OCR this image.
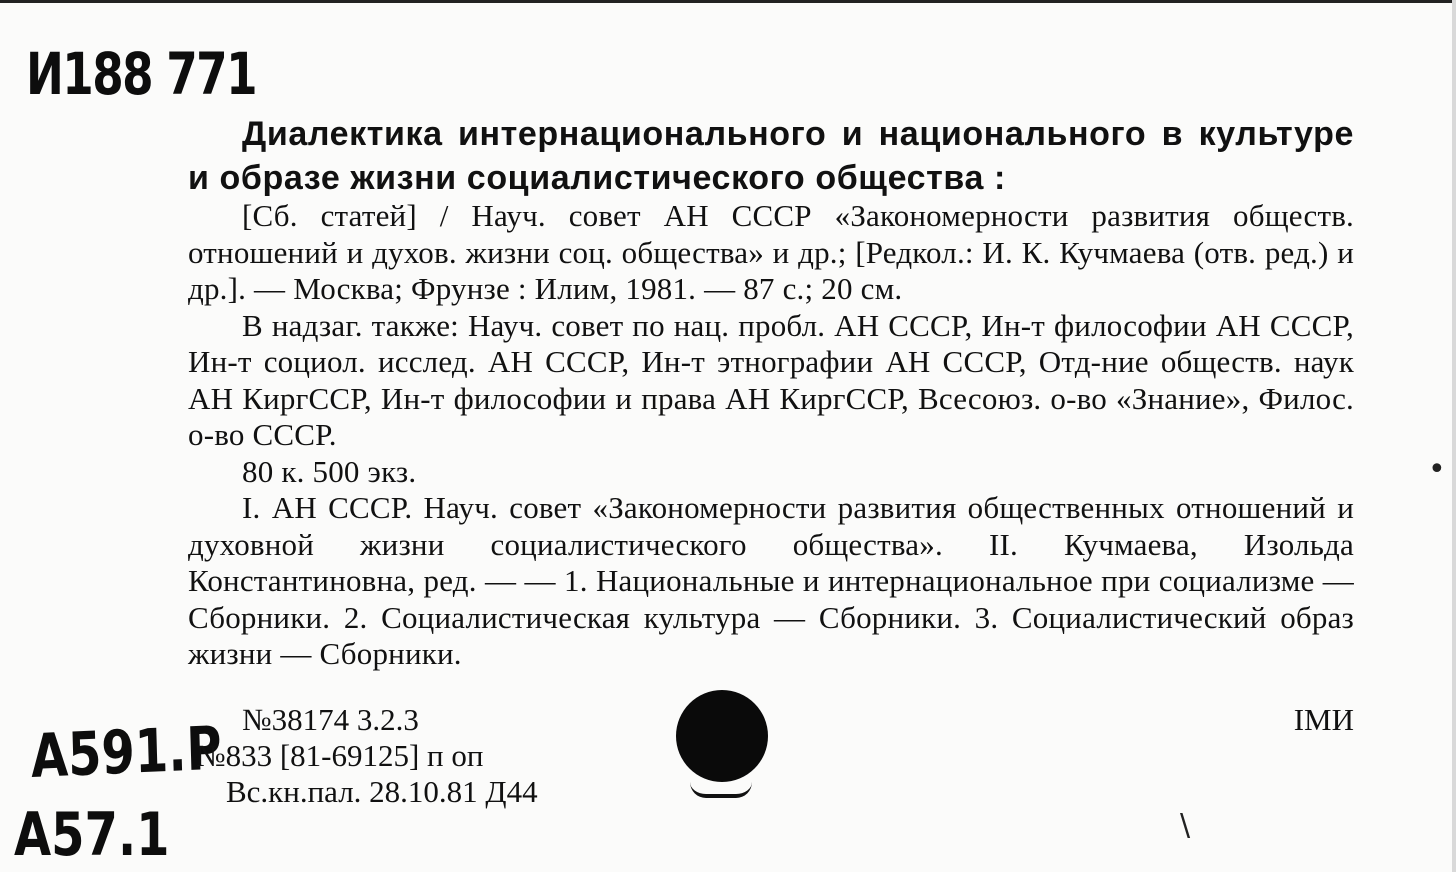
И188 771
А591.Р
А57.1

Диалектика интернационального и национального в культуре и образе жизни социалистического общества :

[Сб. статей] / Науч. совет АН СССР «Закономерности развития обществ. отношений и духов. жизни соц. общества» и др.; [Редкол.: И. К. Кучмаева (отв. ред.) и др.]. — Москва; Фрунзе : Илим, 1981. — 87 с.; 20 см.

В надзаг. также: Науч. совет по нац. пробл. АН СССР, Ин-т философии АН СССР, Ин-т социол. исслед. АН СССР, Ин-т этнографии АН СССР, Отд-ние обществ. наук АН КиргССР, Ин-т философии и права АН КиргССР, Всесоюз. о-во «Знание», Филос. о-во СССР.

80 к. 500 экз.

I. АН СССР. Науч. совет «Закономерности развития общественных отношений и духовной жизни социалистического общества». II. Кучмаева, Изольда Константиновна, ред. — — 1. Национальные и интернациональное при социализме — Сборники. 2. Социалистическая культура — Сборники. 3. Социалистический образ жизни — Сборники.

№38174 3.2.3	IМИ
№833 [81-69125] п оп
Вс.кн.пал. 28.10.81 Д44
•
\
